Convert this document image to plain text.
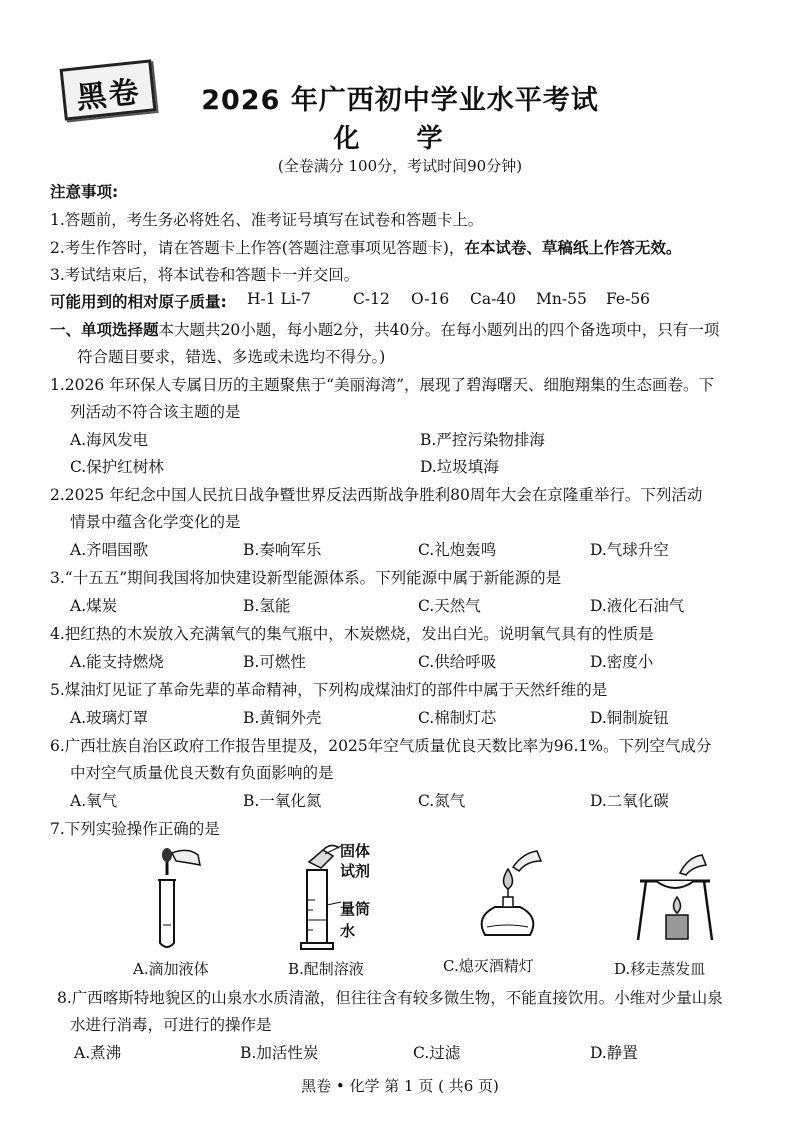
黑卷	2026 年广西初中学业水平考试
化 学
(全卷满分 100分，考试时间90分钟)
注意事项:
1.答题前，考生务必将姓名、准考证号填写在试卷和答题卡上。
2.考生作答时，请在答题卡上作答(答题注意事项见答题卡)，在本试卷、草稿纸上作答无效。
3.考试结束后，将本试卷和答题卡一并交回。
可能用到的相对原子质量: H-1 Li-7	C-12 O-16 Ca-40 Mn-55 Fe-56
一、单项选择题本大题共20小题，每小题2分，共40分。在每小题列出的四个备选项中，只有一项
符合题目要求，错选、多选或未选均不得分。)
1.2026 年环保人专属日历的主题聚焦于“美丽海湾”，展现了碧海曙天、细胞翔集的生态画卷。下
列活动不符合该主题的是
A.海风发电	B.严控污染物排海
C.保护红树林	D.垃圾填海
2.2025 年纪念中国人民抗日战争暨世界反法西斯战争胜利80周年大会在京隆重举行。下列活动
情景中蕴含化学变化的是
A.齐唱国歌	B.奏响军乐	C.礼炮轰鸣	D.气球升空
3.“十五五”期间我国将加快建设新型能源体系。下列能源中属于新能源的是
A.煤炭	B.氢能	C.天然气	D.液化石油气
4.把红热的木炭放入充满氧气的集气瓶中，木炭燃烧，发出白光。说明氧气具有的性质是
A.能支持燃烧	B.可燃性	C.供给呼吸	D.密度小
5.煤油灯见证了革命先辈的革命精神，下列构成煤油灯的部件中属于天然纤维的是
A.玻璃灯罩	B.黄铜外壳	C.棉制灯芯	D.铜制旋钮
6.广西壮族自治区政府工作报告里提及，2025年空气质量优良天数比率为96.1%。下列空气成分
中对空气质量优良天数有负面影响的是
A.氧气	B.一氧化氮	C.氮气	D.二氧化碳
7.下列实验操作正确的是
固体
试剂
量筒
水
A.滴加液体	B.配制溶液	C.熄灭酒精灯	D.移走蒸发皿
8.广西喀斯特地貌区的山泉水水质清澈，但往往含有较多微生物，不能直接饮用。小维对少量山泉
水进行消毒，可进行的操作是
A.煮沸	B.加活性炭	C.过滤	D.静置
黑卷 • 化学 第 1 页 ( 共6 页)
